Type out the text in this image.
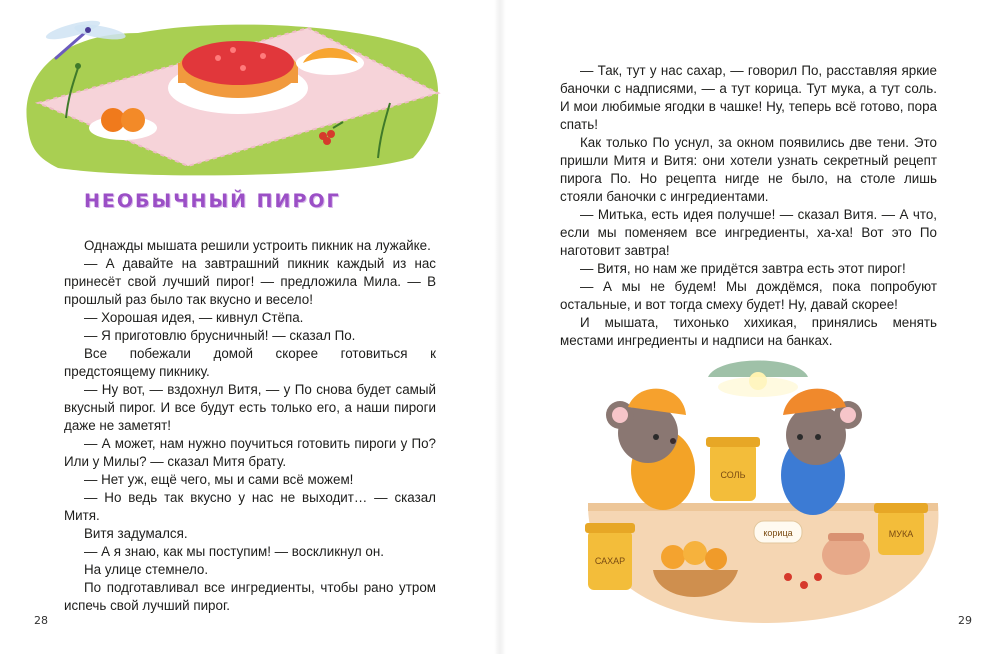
НЕОБЫЧНЫЙ ПИРОГ

Однажды мышата решили устроить пикник на лужайке.

— А давайте на завтрашний пикник каждый из нас принесёт свой лучший пирог! — предложила Мила. — В прошлый раз было так вкусно и весело!

— Хорошая идея, — кивнул Стёпа.

— Я приготовлю брусничный! — сказал По.

Все побежали домой скорее готовиться к предстоящему пикнику.

— Ну вот, — вздохнул Витя, — у По снова будет самый вкусный пирог. И все будут есть только его, а наши пироги даже не заметят!

— А может, нам нужно поучиться готовить пироги у По? Или у Милы? — сказал Митя брату.

— Нет уж, ещё чего, мы и сами всё можем!

— Но ведь так вкусно у нас не выходит… — сказал Митя.

Витя задумался.

— А я знаю, как мы поступим! — воскликнул он.

На улице стемнело.

По подготавливал все ингредиенты, чтобы рано утром испечь свой лучший пирог.

28

— Так, тут у нас сахар, — говорил По, расставляя яркие баночки с надписями, — а тут корица. Тут мука, а тут соль. И мои любимые ягодки в чашке! Ну, теперь всё готово, пора спать!

Как только По уснул, за окном появились две тени. Это пришли Митя и Витя: они хотели узнать секретный рецепт пирога По. Но рецепта нигде не было, на столе лишь стояли баночки с ингредиентами.

— Митька, есть идея получше! — сказал Витя. — А что, если мы поменяем все ингредиенты, ха-ха! Вот это По наготовит завтра!

— Витя, но нам же придётся завтра есть этот пирог!

— А мы не будем! Мы дождёмся, пока попробуют остальные, и вот тогда смеху будет! Ну, давай скорее!

И мышата, тихонько хихикая, принялись менять местами ингредиенты и надписи на банках.

СОЛЬ
САХАР
МУКА
корица
29
